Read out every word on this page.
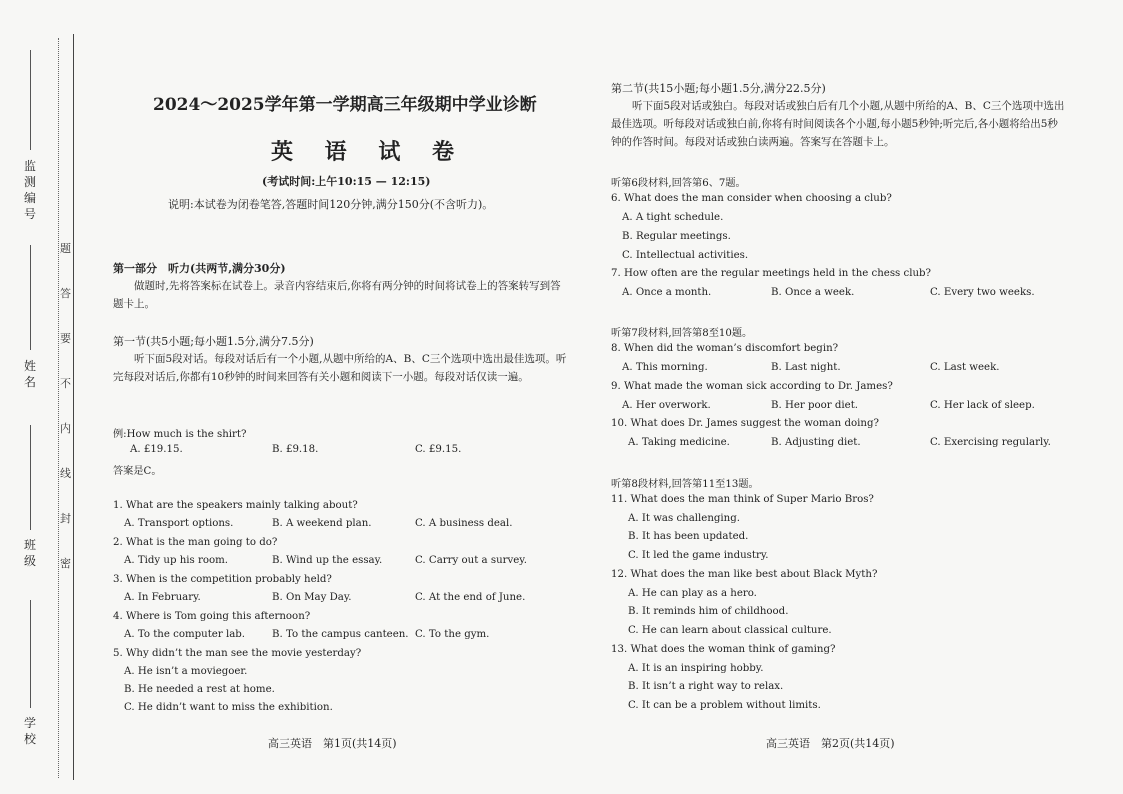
监测编号
姓　名
班　级
学　校
题
答
要
不
内
线
封
密
2024～2025学年第一学期高三年级期中学业诊断
英 语 试 卷
(考试时间:上午10:15 — 12:15)
说明:本试卷为闭卷笔答,答题时间120分钟,满分150分(不含听力)。
第一部分　听力(共两节,满分30分)
做题时,先将答案标在试卷上。录音内容结束后,你将有两分钟的时间将试卷上的答案转写到答题卡上。
第一节(共5小题;每小题1.5分,满分7.5分)
听下面5段对话。每段对话后有一个小题,从题中所给的A、B、C三个选项中选出最佳选项。听完每段对话后,你都有10秒钟的时间来回答有关小题和阅读下一小题。每段对话仅读一遍。
例:How much is the shirt?
A. £19.15.	B. £9.18.	C. £9.15.
答案是C。
1. What are the speakers mainly talking about?
A. Transport options.	B. A weekend plan.	C. A business deal.
2. What is the man going to do?
A. Tidy up his room.	B. Wind up the essay.	C. Carry out a survey.
3. When is the competition probably held?
A. In February.	B. On May Day.	C. At the end of June.
4. Where is Tom going this afternoon?
A. To the computer lab.	B. To the campus canteen. C. To the gym.
5. Why didn’t the man see the movie yesterday?
A. He isn’t a moviegoer.
B. He needed a rest at home.
C. He didn’t want to miss the exhibition.
高三英语　第1页(共14页)
第二节(共15小题;每小题1.5分,满分22.5分)
听下面5段对话或独白。每段对话或独白后有几个小题,从题中所给的A、B、C三个选项中选出最佳选项。听每段对话或独白前,你将有时间阅读各个小题,每小题5秒钟;听完后,各小题将给出5秒钟的作答时间。每段对话或独白读两遍。答案写在答题卡上。
听第6段材料,回答第6、7题。
6. What does the man consider when choosing a club?
A. A tight schedule.
B. Regular meetings.
C. Intellectual activities.
7. How often are the regular meetings held in the chess club?
A. Once a month.	B. Once a week.	C. Every two weeks.
听第7段材料,回答第8至10题。
8. When did the woman’s discomfort begin?
A. This morning.	B. Last night.	C. Last week.
9. What made the woman sick according to Dr. James?
A. Her overwork.	B. Her poor diet.	C. Her lack of sleep.
10. What does Dr. James suggest the woman doing?
A. Taking medicine.	B. Adjusting diet.	C. Exercising regularly.
听第8段材料,回答第11至13题。
11. What does the man think of Super Mario Bros?
A. It was challenging.
B. It has been updated.
C. It led the game industry.
12. What does the man like best about Black Myth?
A. He can play as a hero.
B. It reminds him of childhood.
C. He can learn about classical culture.
13. What does the woman think of gaming?
A. It is an inspiring hobby.
B. It isn’t a right way to relax.
C. It can be a problem without limits.
高三英语　第2页(共14页)
